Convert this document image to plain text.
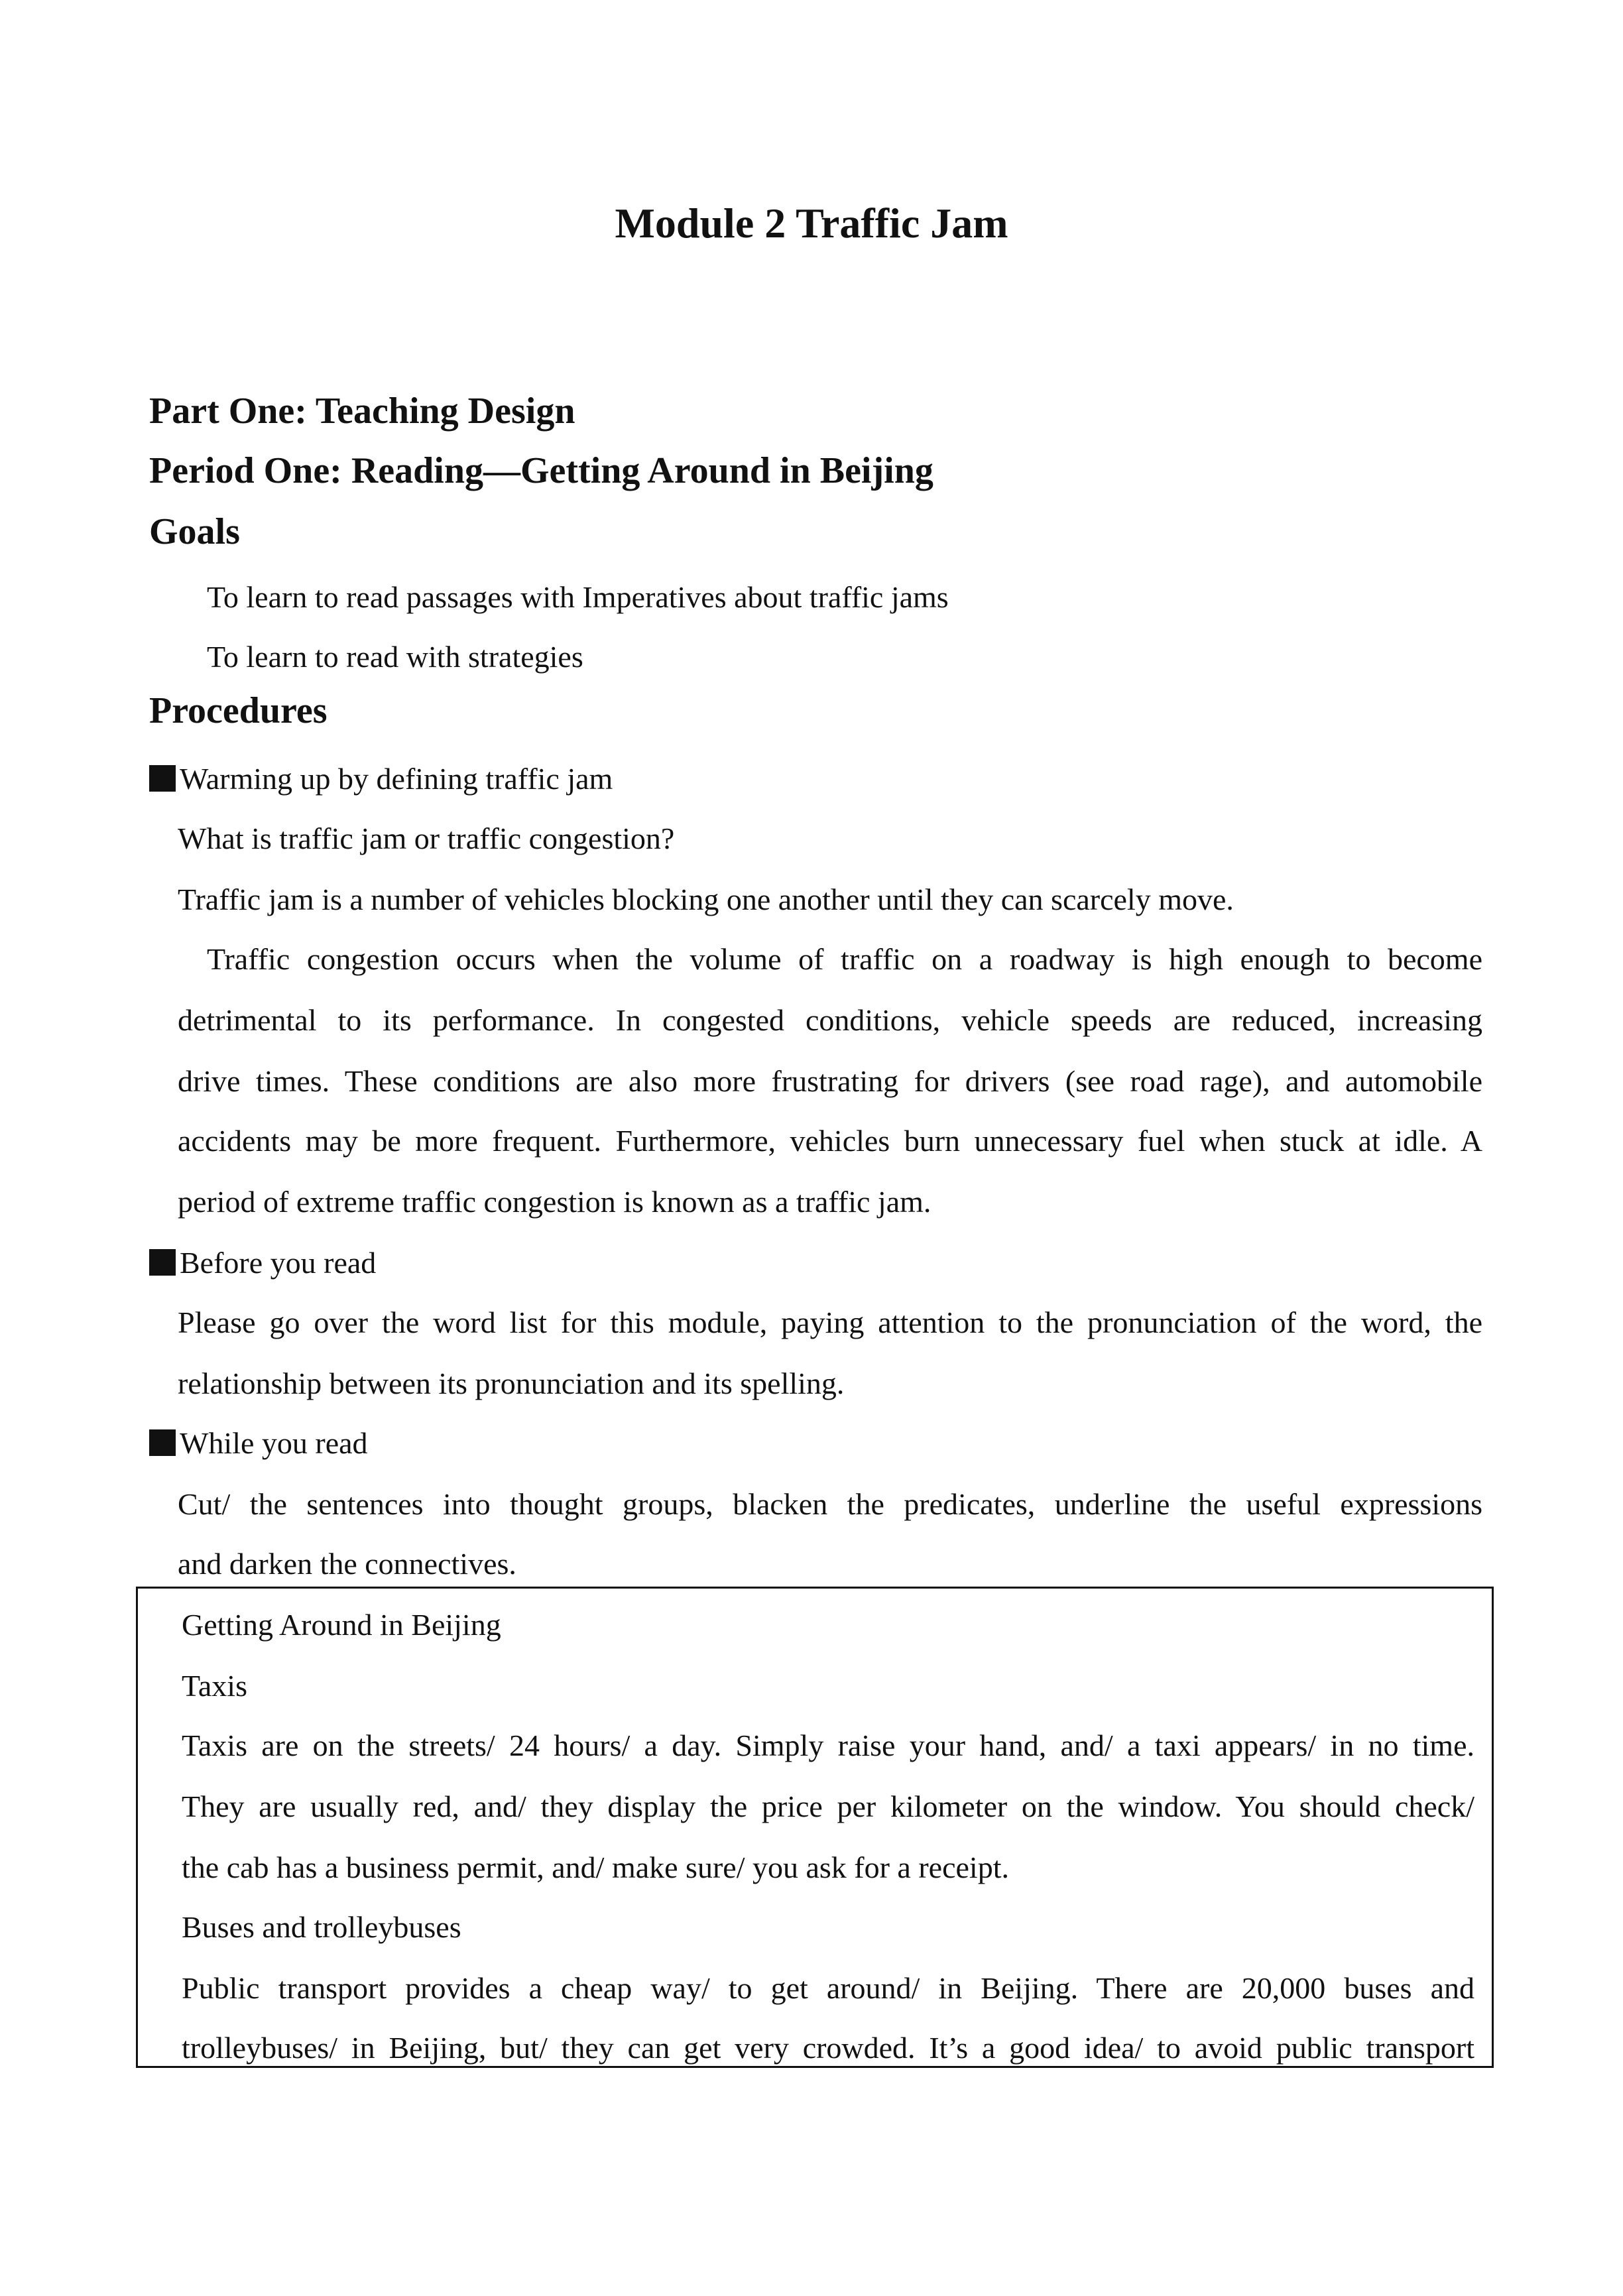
Module 2 Traffic Jam
Part One: Teaching Design
Period One: Reading—Getting Around in Beijing
Goals
To learn to read passages with Imperatives about traffic jams
To learn to read with strategies
Procedures
Warming up by defining traffic jam
What is traffic jam or traffic congestion?
Traffic jam is a number of vehicles blocking one another until they can scarcely move.
Traffic congestion occurs when the volume of traffic on a roadway is high enough to become
detrimental to its performance. In congested conditions, vehicle speeds are reduced, increasing
drive times. These conditions are also more frustrating for drivers (see road rage), and automobile
accidents may be more frequent. Furthermore, vehicles burn unnecessary fuel when stuck at idle. A
period of extreme traffic congestion is known as a traffic jam.
Before you read
Please go over the word list for this module, paying attention to the pronunciation of the word, the
relationship between its pronunciation and its spelling.
While you read
Cut/ the sentences into thought groups, blacken the predicates, underline the useful expressions
and darken the connectives.
Getting Around in Beijing
Taxis
Taxis are on the streets/ 24 hours/ a day. Simply raise your hand, and/ a taxi appears/ in no time.
They are usually red, and/ they display the price per kilometer on the window. You should check/
the cab has a business permit, and/ make sure/ you ask for a receipt.
Buses and trolleybuses
Public transport provides a cheap way/ to get around/ in Beijing. There are 20,000 buses and
trolleybuses/ in Beijing, but/ they can get very crowded. It’s a good idea/ to avoid public transport
